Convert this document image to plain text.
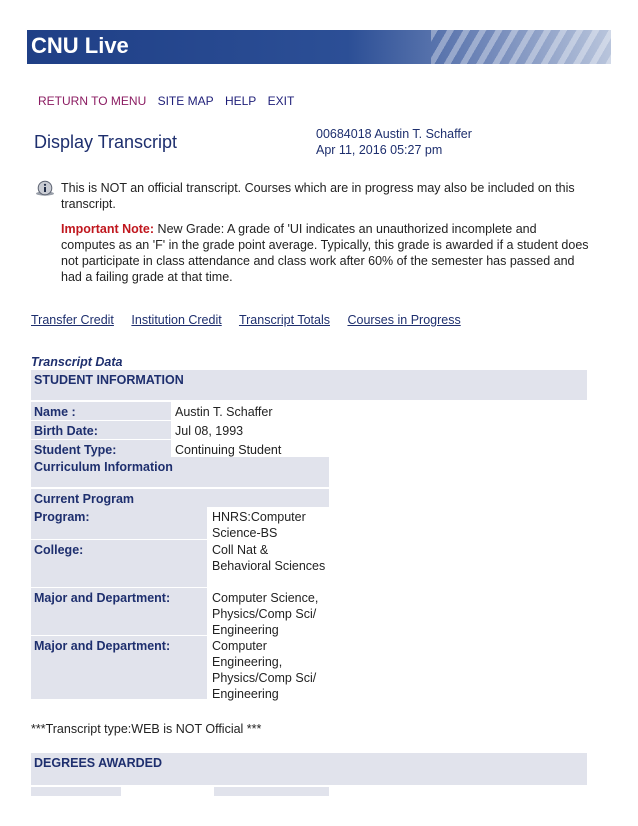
CNU Live
RETURN TO MENU SITE MAP HELP EXIT
Display Transcript	00684018 Austin T. Schaffer
Apr 11, 2016 05:27 pm
This is NOT an official transcript. Courses which are in progress may also be included on this transcript.
Important Note: New Grade: A grade of 'UI indicates an unauthorized incomplete and computes as an 'F' in the grade point average. Typically, this grade is awarded if a student does not participate in class attendance and class work after 60% of the semester has passed and had a failing grade at that time.
Transfer Credit Institution Credit Transcript Totals Courses in Progress
Transcript Data
STUDENT INFORMATION
Name :	Austin T. Schaffer
Birth Date:	Jul 08, 1993
Student Type:	Continuing Student
Curriculum Information
Current Program
Program:	HNRS:Computer Science-BS
College:	Coll Nat & Behavioral Sciences
Major and Department:	Computer Science, Physics/Comp Sci/ Engineering
Major and Department:	Computer Engineering, Physics/Comp Sci/ Engineering
***Transcript type:WEB is NOT Official ***
DEGREES AWARDED
